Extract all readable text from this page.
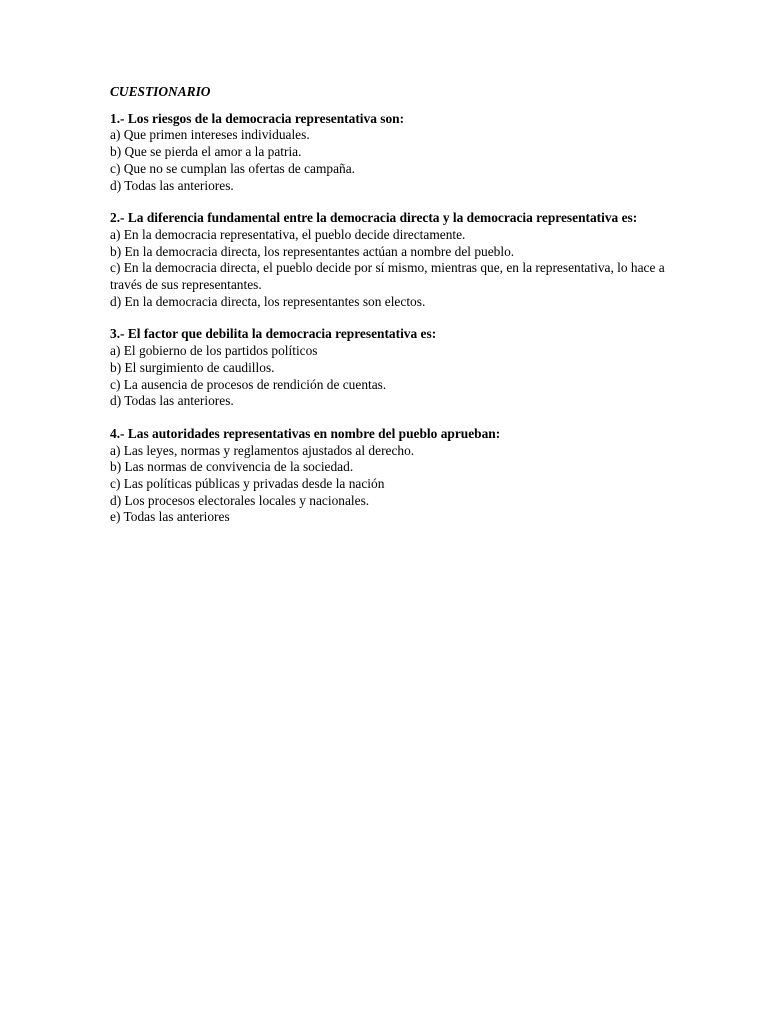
CUESTIONARIO
1.- Los riesgos de la democracia representativa son:
a) Que primen intereses individuales.
b) Que se pierda el amor a la patria.
c) Que no se cumplan las ofertas de campaña.
d) Todas las anteriores.
2.- La diferencia fundamental entre la democracia directa y la democracia representativa es:
a) En la democracia representativa, el pueblo decide directamente.
b) En la democracia directa, los representantes actúan a nombre del pueblo.
c) En la democracia directa, el pueblo decide por sí mismo, mientras que, en la representativa, lo hace a través de sus representantes.
d) En la democracia directa, los representantes son electos.
3.- El factor que debilita la democracia representativa es:
a) El gobierno de los partidos políticos
b) El surgimiento de caudillos.
c) La ausencia de procesos de rendición de cuentas.
d) Todas las anteriores.
4.- Las autoridades representativas en nombre del pueblo aprueban:
a) Las leyes, normas y reglamentos ajustados al derecho.
b) Las normas de convivencia de la sociedad.
c) Las políticas públicas y privadas desde la nación
d) Los procesos electorales locales y nacionales.
e) Todas las anteriores
